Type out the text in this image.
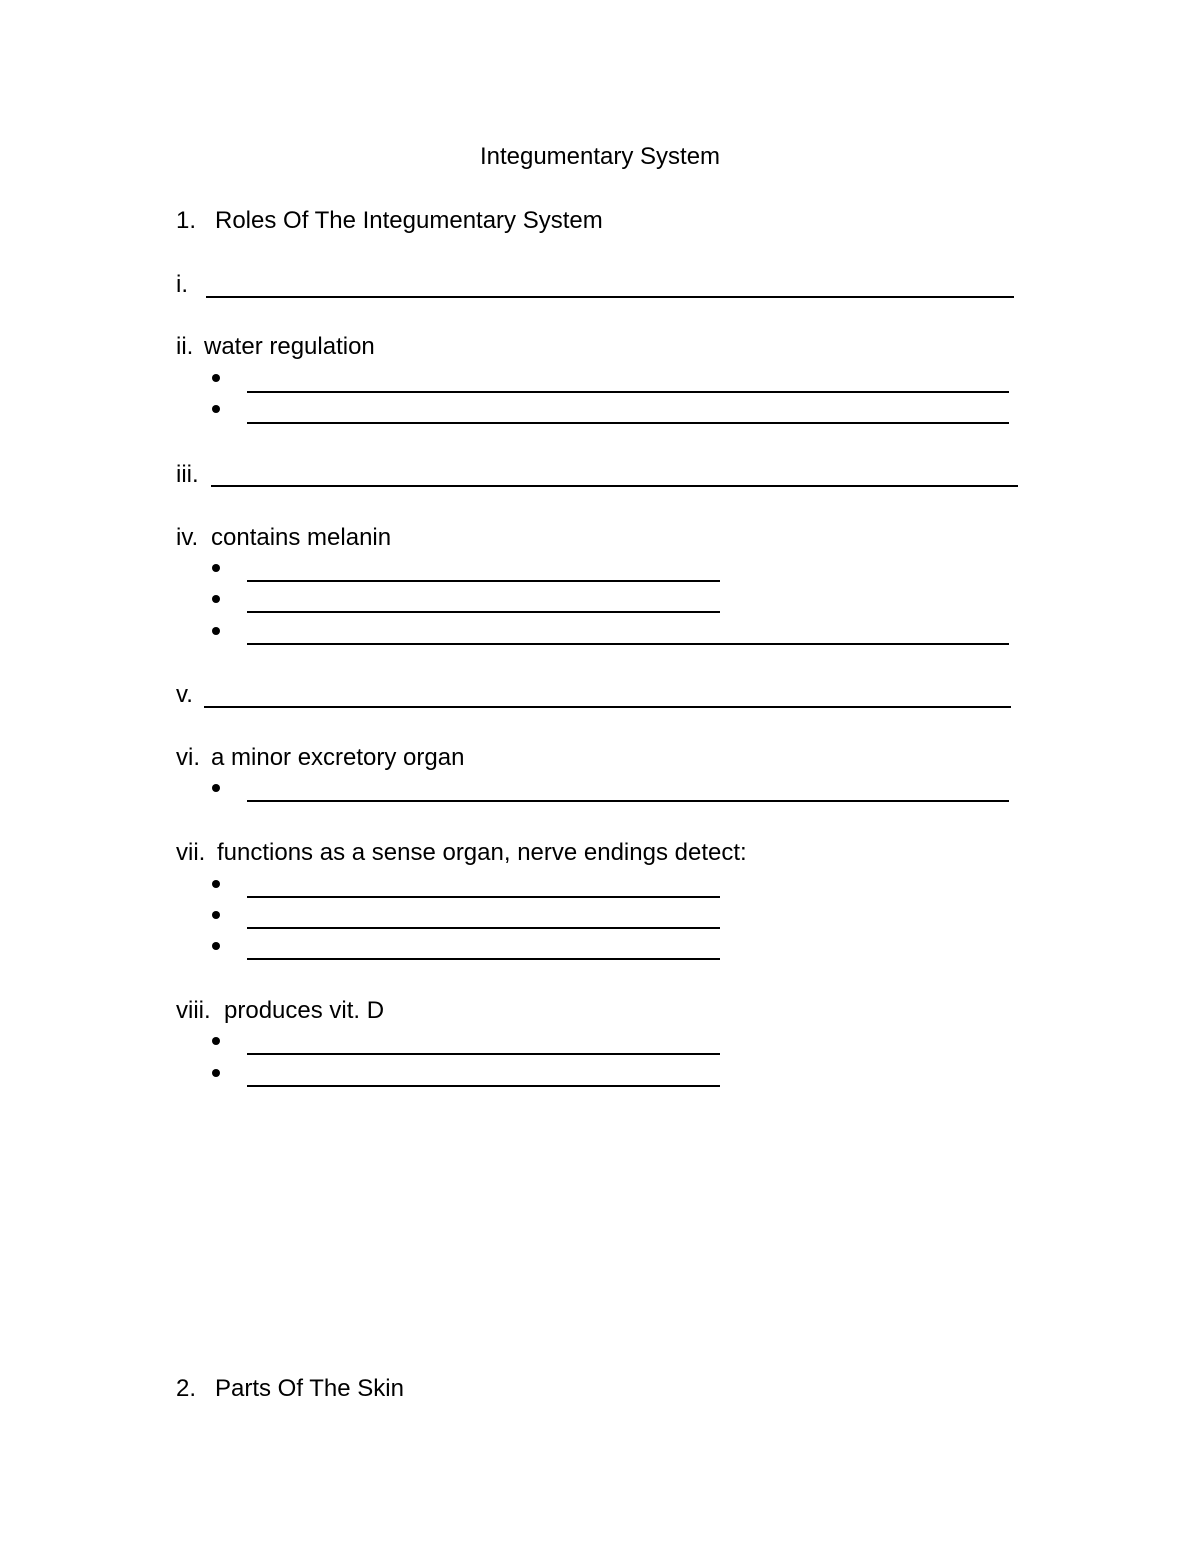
Integumentary System
1. Roles Of The Integumentary System
i.
ii. water regulation
iii.
iv. contains melanin
v.
vi. a minor excretory organ
vii. functions as a sense organ, nerve endings detect:
viii. produces vit. D
2. Parts Of The Skin
